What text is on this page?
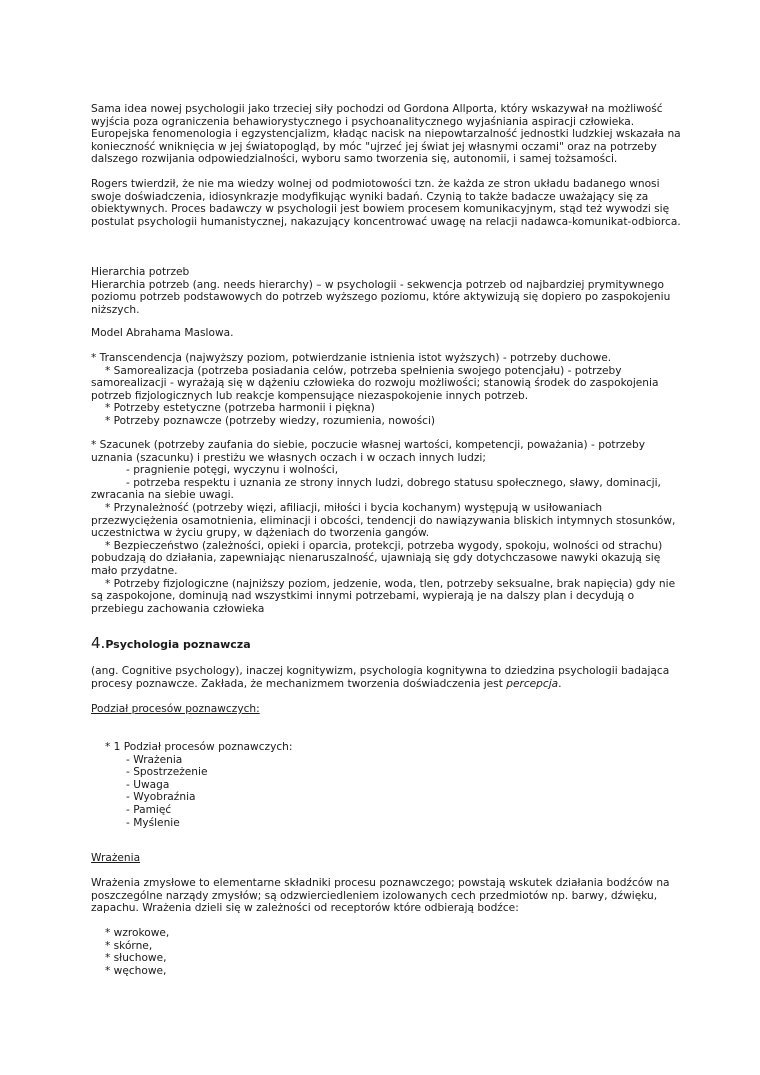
Sama idea nowej psychologii jako trzeciej siły pochodzi od Gordona Allporta, który wskazywał na możliwość
wyjścia poza ograniczenia behawiorystycznego i psychoanalitycznego wyjaśniania aspiracji człowieka.
Europejska fenomenologia i egzystencjalizm, kładąc nacisk na niepowtarzalność jednostki ludzkiej wskazała na
konieczność wniknięcia w jej światopogląd, by móc "ujrzeć jej świat jej własnymi oczami" oraz na potrzeby
dalszego rozwijania odpowiedzialności, wyboru samo tworzenia się, autonomii, i samej tożsamości.
Rogers twierdził, że nie ma wiedzy wolnej od podmiotowości tzn. że każda ze stron układu badanego wnosi
swoje doświadczenia, idiosynkrazje modyfikując wyniki badań. Czynią to także badacze uważający się za
obiektywnych. Proces badawczy w psychologii jest bowiem procesem komunikacyjnym, stąd też wywodzi się
postulat psychologii humanistycznej, nakazujący koncentrować uwagę na relacji nadawca-komunikat-odbiorca.
Hierarchia potrzeb
Hierarchia potrzeb (ang. needs hierarchy) – w psychologii - sekwencja potrzeb od najbardziej prymitywnego
poziomu potrzeb podstawowych do potrzeb wyższego poziomu, które aktywizują się dopiero po zaspokojeniu
niższych.
Model Abrahama Maslowa.
* Transcendencja (najwyższy poziom, potwierdzanie istnienia istot wyższych) - potrzeby duchowe.
* Samorealizacja (potrzeba posiadania celów, potrzeba spełnienia swojego potencjału) - potrzeby
samorealizacji - wyrażają się w dążeniu człowieka do rozwoju możliwości; stanowią środek do zaspokojenia
potrzeb fizjologicznych lub reakcje kompensujące niezaspokojenie innych potrzeb.
* Potrzeby estetyczne (potrzeba harmonii i piękna)
* Potrzeby poznawcze (potrzeby wiedzy, rozumienia, nowości)
* Szacunek (potrzeby zaufania do siebie, poczucie własnej wartości, kompetencji, poważania) - potrzeby
uznania (szacunku) i prestiżu we własnych oczach i w oczach innych ludzi;
- pragnienie potęgi, wyczynu i wolności,
- potrzeba respektu i uznania ze strony innych ludzi, dobrego statusu społecznego, sławy, dominacji,
zwracania na siebie uwagi.
* Przynależność (potrzeby więzi, afiliacji, miłości i bycia kochanym) występują w usiłowaniach
przezwyciężenia osamotnienia, eliminacji i obcości, tendencji do nawiązywania bliskich intymnych stosunków,
uczestnictwa w życiu grupy, w dążeniach do tworzenia gangów.
* Bezpieczeństwo (zależności, opieki i oparcia, protekcji, potrzeba wygody, spokoju, wolności od strachu)
pobudzają do działania, zapewniając nienaruszalność, ujawniają się gdy dotychczasowe nawyki okazują się
mało przydatne.
* Potrzeby fizjologiczne (najniższy poziom, jedzenie, woda, tlen, potrzeby seksualne, brak napięcia) gdy nie
są zaspokojone, dominują nad wszystkimi innymi potrzebami, wypierają je na dalszy plan i decydują o
przebiegu zachowania człowieka
4.Psychologia poznawcza
(ang. Cognitive psychology), inaczej kognitywizm, psychologia kognitywna to dziedzina psychologii badająca
procesy poznawcze. Zakłada, że mechanizmem tworzenia doświadczenia jest percepcja.
Podział procesów poznawczych:
* 1 Podział procesów poznawczych:
- Wrażenia
- Spostrzeżenie
- Uwaga
- Wyobraźnia
- Pamięć
- Myślenie
Wrażenia
Wrażenia zmysłowe to elementarne składniki procesu poznawczego; powstają wskutek działania bodźców na
poszczególne narządy zmysłów; są odzwierciedleniem izolowanych cech przedmiotów np. barwy, dźwięku,
zapachu. Wrażenia dzieli się w zależności od receptorów które odbierają bodźce:
* wzrokowe,
* skórne,
* słuchowe,
* węchowe,
